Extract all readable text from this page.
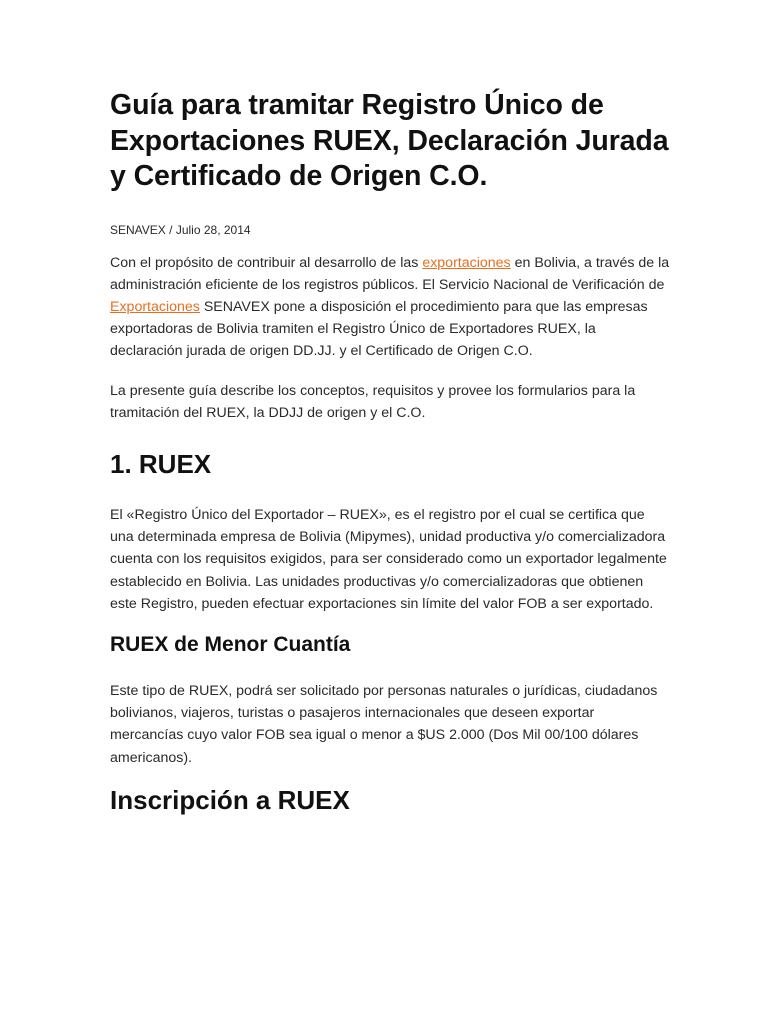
Guía para tramitar Registro Único de Exportaciones RUEX, Declaración Jurada y Certificado de Origen C.O.
SENAVEX / Julio 28, 2014

Con el propósito de contribuir al desarrollo de las exportaciones en Bolivia, a través de la administración eficiente de los registros públicos. El Servicio Nacional de Verificación de Exportaciones SENAVEX pone a disposición el procedimiento para que las empresas exportadoras de Bolivia tramiten el Registro Único de Exportadores RUEX, la declaración jurada de origen DD.JJ. y el Certificado de Origen C.O.

La presente guía describe los conceptos, requisitos y provee los formularios para la tramitación del RUEX, la DDJJ de origen y el C.O.

1. RUEX

El «Registro Único del Exportador – RUEX», es el registro por el cual se certifica que una determinada empresa de Bolivia (Mipymes), unidad productiva y/o comercializadora cuenta con los requisitos exigidos, para ser considerado como un exportador legalmente establecido en Bolivia. Las unidades productivas y/o comercializadoras que obtienen este Registro, pueden efectuar exportaciones sin límite del valor FOB a ser exportado.

RUEX de Menor Cuantía

Este tipo de RUEX, podrá ser solicitado por personas naturales o jurídicas, ciudadanos bolivianos, viajeros, turistas o pasajeros internacionales que deseen exportar mercancías cuyo valor FOB sea igual o menor a $US 2.000 (Dos Mil 00/100 dólares americanos).

Inscripción a RUEX
